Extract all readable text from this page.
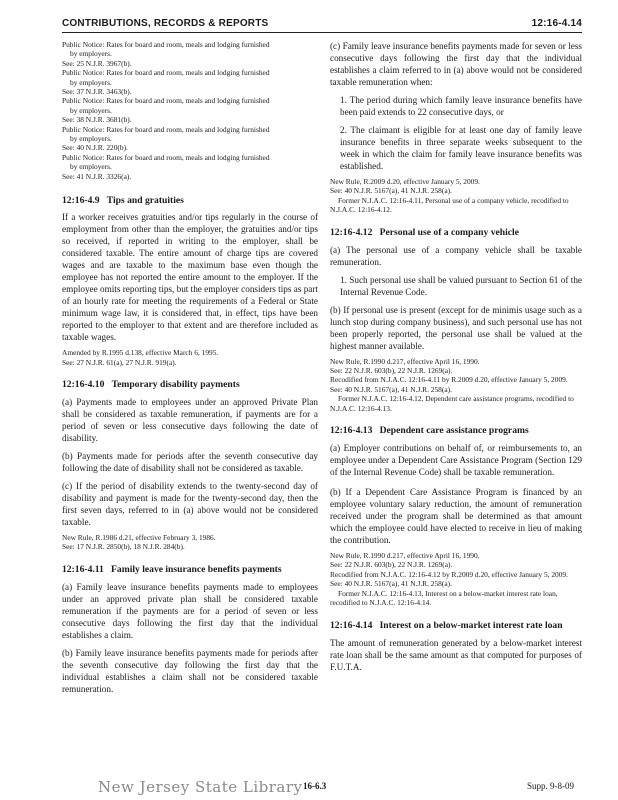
CONTRIBUTIONS, RECORDS & REPORTS	12:16-4.14

Public Notice: Rates for board and room, meals and lodging furnished
by employers.

See: 25 N.J.R. 3967(b).

Public Notice: Rates for board and room, meals and lodging furnished
by employers.

See: 37 N.J.R. 3463(b).

Public Notice: Rates for board and room, meals and lodging furnished
by employers.

See: 38 N.J.R. 3681(b).

Public Notice: Rates for board and room, meals and lodging furnished
by employers.

See: 40 N.J.R. 220(b).

Public Notice: Rates for board and room, meals and lodging furnished
by employers.

See: 41 N.J.R. 3326(a).

12:16-4.9 Tips and gratuities

If a worker receives gratuities and/or tips regularly in the course of employment from other than the employer, the gratuities and/or tips so received, if reported in writing to the employer, shall be considered taxable. The entire amount of charge tips are covered wages and are taxable to the maximum base even though the employee has not reported the entire amount to the employer. If the employee omits reporting tips, but the employer considers tips as part of an hourly rate for meeting the requirements of a Federal or State minimum wage law, it is considered that, in effect, tips have been reported to the employer to that extent and are therefore included as taxable wages.

Amended by R.1995 d.138, effective March 6, 1995.

See: 27 N.J.R. 61(a), 27 N.J.R. 919(a).

12:16-4.10 Temporary disability payments

(a) Payments made to employees under an approved Private Plan shall be considered as taxable remuneration, if payments are for a period of seven or less consecutive days following the date of disability.

(b) Payments made for periods after the seventh consecutive day following the date of disability shall not be considered as taxable.

(c) If the period of disability extends to the twenty-second day of disability and payment is made for the twenty-second day, then the first seven days, referred to in (a) above would not be considered taxable.

New Rule, R.1986 d.21, effective February 3, 1986.

See: 17 N.J.R. 2850(b), 18 N.J.R. 284(b).

12:16-4.11 Family leave insurance benefits payments

(a) Family leave insurance benefits payments made to employees under an approved private plan shall be considered taxable remuneration if the payments are for a period of seven or less consecutive days following the first day that the individual establishes a claim.

(b) Family leave insurance benefits payments made for periods after the seventh consecutive day following the first day that the individual establishes a claim shall not be considered taxable remuneration.

(c) Family leave insurance benefits payments made for seven or less consecutive days following the first day that the individual establishes a claim referred to in (a) above would not be considered taxable remuneration when:

1. The period during which family leave insurance benefits have been paid extends to 22 consecutive days, or

2. The claimant is eligible for at least one day of family leave insurance benefits in three separate weeks subsequent to the week in which the claim for family leave insurance benefits was established.

New Rule, R.2009 d.20, effective January 5, 2009.

See: 40 N.J.R. 5167(a), 41 N.J.R. 258(a).

Former N.J.A.C. 12:16-4.11, Personal use of a company vehicle, recodified to N.J.A.C. 12:16-4.12.

12:16-4.12 Personal use of a company vehicle

(a) The personal use of a company vehicle shall be taxable remuneration.

1. Such personal use shall be valued pursuant to Section 61 of the Internal Revenue Code.

(b) If personal use is present (except for de minimis usage such as a lunch stop during company business), and such personal use has not been properly reported, the personal use shall be valued at the highest manner available.

New Rule, R.1990 d.217, effective April 16, 1990.

See: 22 N.J.R. 603(b), 22 N.J.R. 1269(a).

Recodified from N.J.A.C. 12:16-4.11 by R.2009 d.20, effective January 5, 2009.

See: 40 N.J.R. 5167(a), 41 N.J.R. 258(a).

Former N.J.A.C. 12:16-4.12, Dependent care assistance programs, recodified to N.J.A.C. 12:16-4.13.

12:16-4.13 Dependent care assistance programs

(a) Employer contributions on behalf of, or reimbursements to, an employee under a Dependent Care Assistance Program (Section 129 of the Internal Revenue Code) shall be taxable remuneration.

(b) If a Dependent Care Assistance Program is financed by an employee voluntary salary reduction, the amount of remuneration received under the program shall be determined as that amount which the employee could have elected to receive in lieu of making the contribution.

New Rule, R.1990 d.217, effective April 16, 1990.

See: 22 N.J.R. 603(b), 22 N.J.R. 1269(a).

Recodified from N.J.A.C. 12:16-4.12 by R.2009 d.20, effective January 5, 2009.

See: 40 N.J.R. 5167(a), 41 N.J.R. 258(a).

Former N.J.A.C. 12:16-4.13, Interest on a below-market interest rate loan, recodified to N.J.A.C. 12:16-4.14.

12:16-4.14 Interest on a below-market interest rate loan

The amount of remuneration generated by a below-market interest rate loan shall be the same amount as that computed for purposes of F.U.T.A.

New Jersey State Library 16-6.3	Supp. 9-8-09
